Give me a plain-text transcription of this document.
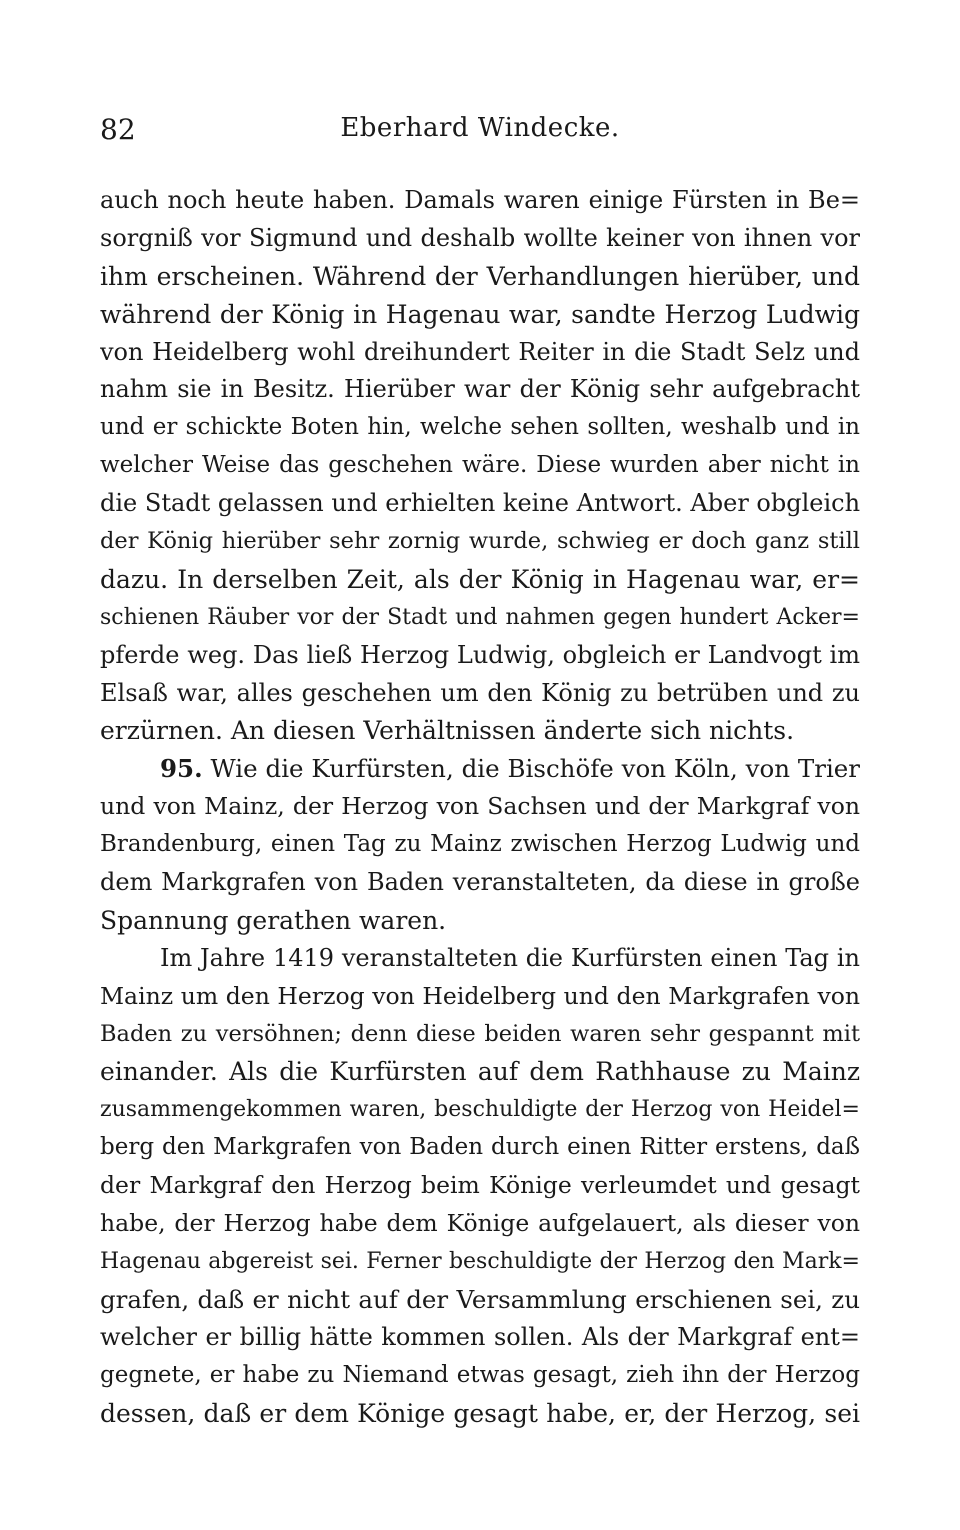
82	Eberhard Windecke.
auch noch heute haben. Damals waren einige Fürsten in Be=
sorgniß vor Sigmund und deshalb wollte keiner von ihnen vor
ihm erscheinen. Während der Verhandlungen hierüber, und
während der König in Hagenau war, sandte Herzog Ludwig
von Heidelberg wohl dreihundert Reiter in die Stadt Selz und
nahm sie in Besitz. Hierüber war der König sehr aufgebracht
und er schickte Boten hin, welche sehen sollten, weshalb und in
welcher Weise das geschehen wäre. Diese wurden aber nicht in
die Stadt gelassen und erhielten keine Antwort. Aber obgleich
der König hierüber sehr zornig wurde, schwieg er doch ganz still
dazu. In derselben Zeit, als der König in Hagenau war, er=
schienen Räuber vor der Stadt und nahmen gegen hundert Acker=
pferde weg. Das ließ Herzog Ludwig, obgleich er Landvogt im
Elsaß war, alles geschehen um den König zu betrüben und zu
erzürnen. An diesen Verhältnissen änderte sich nichts.
95. Wie die Kurfürsten, die Bischöfe von Köln, von Trier
und von Mainz, der Herzog von Sachsen und der Markgraf von
Brandenburg, einen Tag zu Mainz zwischen Herzog Ludwig und
dem Markgrafen von Baden veranstalteten, da diese in große
Spannung gerathen waren.
Im Jahre 1419 veranstalteten die Kurfürsten einen Tag in
Mainz um den Herzog von Heidelberg und den Markgrafen von
Baden zu versöhnen; denn diese beiden waren sehr gespannt mit
einander. Als die Kurfürsten auf dem Rathhause zu Mainz
zusammengekommen waren, beschuldigte der Herzog von Heidel=
berg den Markgrafen von Baden durch einen Ritter erstens, daß
der Markgraf den Herzog beim Könige verleumdet und gesagt
habe, der Herzog habe dem Könige aufgelauert, als dieser von
Hagenau abgereist sei. Ferner beschuldigte der Herzog den Mark=
grafen, daß er nicht auf der Versammlung erschienen sei, zu
welcher er billig hätte kommen sollen. Als der Markgraf ent=
gegnete, er habe zu Niemand etwas gesagt, zieh ihn der Herzog
dessen, daß er dem Könige gesagt habe, er, der Herzog, sei
